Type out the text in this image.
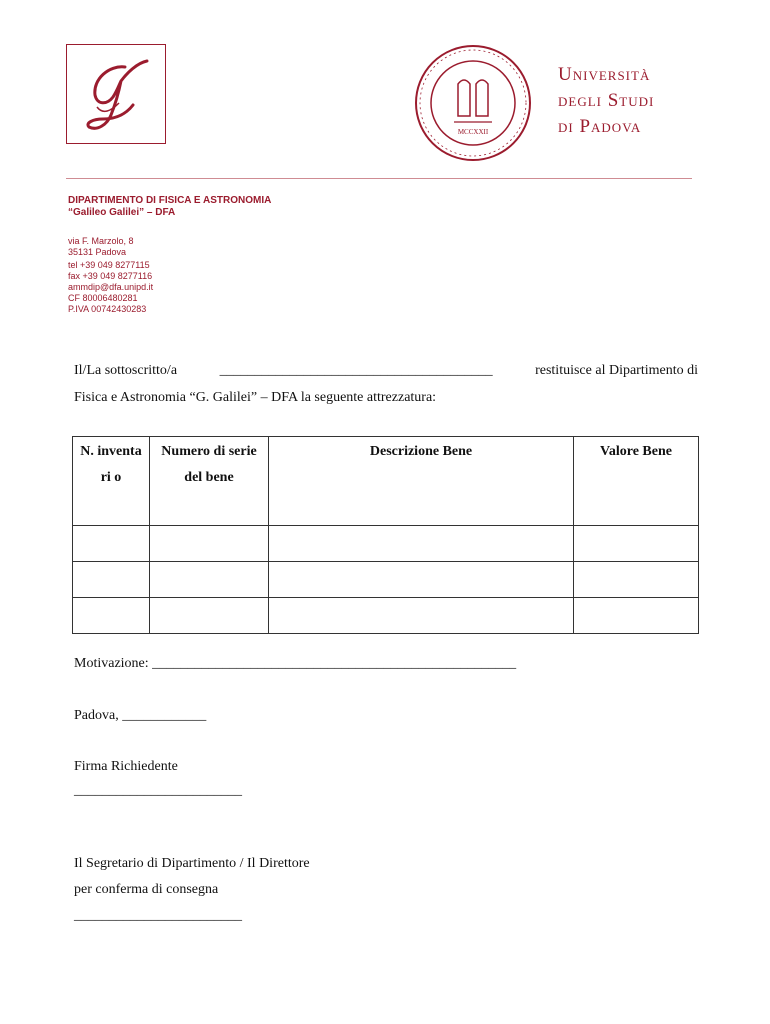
MCCXXII
Università
degli Studi
di Padova
DIPARTIMENTO DI FISICA E ASTRONOMIA
“Galileo Galilei” – DFA
via F. Marzolo, 8
35131 Padova
tel +39 049 8277115
fax +39 049 8277116
ammdip@dfa.unipd.it
CF 80006480281
P.IVA 00742430283
Il/La sottoscritto/a	_______________________________________	restituisce al Dipartimento di
Fisica e Astronomia “G. Galilei” – DFA la seguente attrezzatura:
N. inventari o	Numero di serie del bene	Descrizione Bene	Valore Bene

Motivazione: ____________________________________________________
Padova, ____________
Firma Richiedente
________________________
Il Segretario di Dipartimento / Il Direttore
per conferma di consegna
________________________
